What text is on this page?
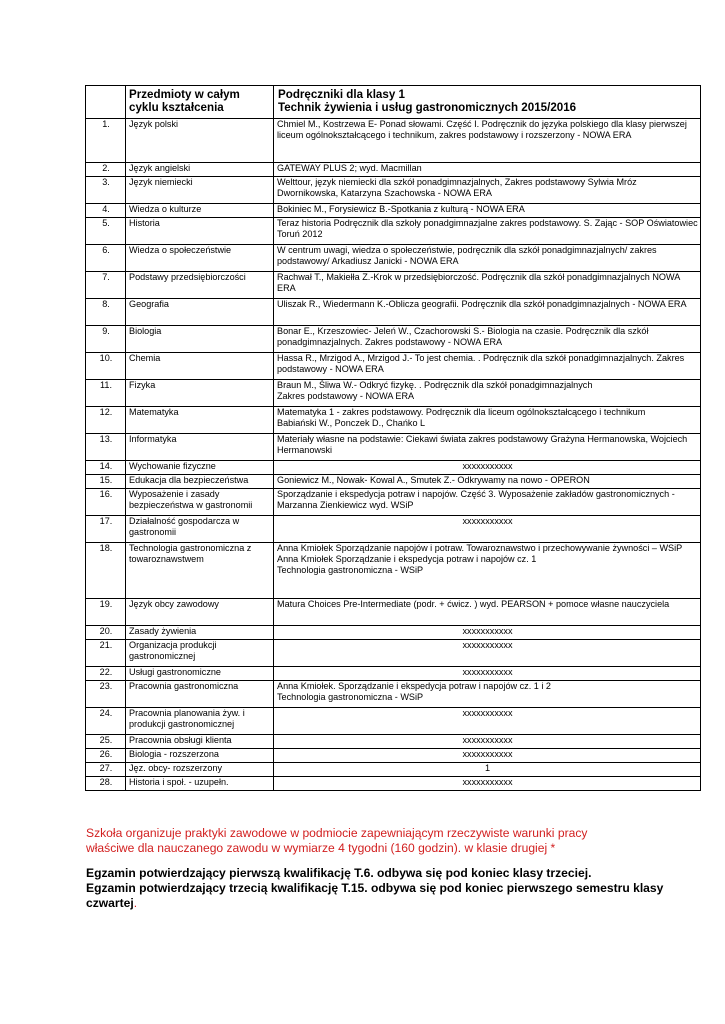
	Przedmioty w całym cyklu kształcenia	Podręczniki dla klasy 1
Technik żywienia i usług gastronomicznych 2015/2016
1.	Język polski	Chmiel M., Kostrzewa E- Ponad słowami. Część I. Podręcznik do języka polskiego dla klasy pierwszej liceum ogólnokształcącego i technikum, zakres podstawowy i rozszerzony - NOWA ERA
2.	Język angielski	GATEWAY PLUS 2; wyd. Macmillan
3.	Język niemiecki	Welttour, język niemiecki dla szkół ponadgimnazjalnych, Zakres podstawowy Sylwia Mróz Dwornikowska, Katarzyna Szachowska - NOWA ERA
4.	Wiedza o kulturze	Bokiniec M., Forysiewicz B.-Spotkania z kulturą - NOWA ERA
5.	Historia	Teraz historia Podręcznik dla szkoły ponadgimnazjalne zakres podstawowy. S. Zając - SOP Oświatowiec Toruń 2012
6.	Wiedza o społeczeństwie	W centrum uwagi, wiedza o społeczeństwie, podręcznik dla szkół ponadgimnazjalnych/ zakres podstawowy/ Arkadiusz Janicki - NOWA ERA
7.	Podstawy przedsiębiorczości	Rachwał T., Makiełła Z.-Krok w przedsiębiorczość. Podręcznik dla szkół ponadgimnazjalnych NOWA ERA
8.	Geografia	Uliszak R., Wiedermann K.-Oblicza geografii. Podręcznik dla szkół ponadgimnazjalnych - NOWA ERA
9.	Biologia	Bonar E., Krzeszowiec- Jeleń W., Czachorowski S.- Biologia na czasie. Podręcznik dla szkół ponadgimnazjalnych. Zakres podstawowy - NOWA ERA
10.	Chemia	Hassa R., Mrzigod A., Mrzigod J.- To jest chemia. . Podręcznik dla szkół ponadgimnazjalnych. Zakres podstawowy - NOWA ERA
11.	Fizyka	Braun M., Śliwa W.- Odkryć fizykę. . Podręcznik dla szkół ponadgimnazjalnych
Zakres podstawowy - NOWA ERA
12.	Matematyka	Matematyka 1 - zakres podstawowy. Podręcznik dla liceum ogólnokształcącego i technikum
Babiański W., Ponczek D., Chańko L
13.	Informatyka	Materiały własne na podstawie: Ciekawi świata zakres podstawowy Grażyna Hermanowska, Wojciech Hermanowski
14.	Wychowanie fizyczne	xxxxxxxxxxx
15.	Edukacja dla bezpieczeństwa	Goniewicz M., Nowak- Kowal A., Smutek Z.- Odkrywamy na nowo - OPERON
16.	Wyposażenie i zasady bezpieczeństwa w gastronomii	Sporządzanie i ekspedycja potraw i napojów. Część 3. Wyposażenie zakładów gastronomicznych - Marzanna Zienkiewicz wyd. WSiP
17.	Działalność gospodarcza w gastronomii	xxxxxxxxxxx
18.	Technologia gastronomiczna z towaroznawstwem	Anna Kmiołek Sporządzanie napojów i potraw. Towaroznawstwo i przechowywanie żywności – WSiP
Anna Kmiołek Sporządzanie i ekspedycja potraw i napojów cz. 1
Technologia gastronomiczna - WSiP
19.	Język obcy zawodowy	Matura Choices Pre-Intermediate (podr. + ćwicz. ) wyd. PEARSON + pomoce własne nauczyciela
20.	Zasady żywienia	xxxxxxxxxxx
21.	Organizacja produkcji gastronomicznej	xxxxxxxxxxx
22.	Usługi gastronomiczne	xxxxxxxxxxx
23.	Pracownia gastronomiczna	Anna Kmiołek. Sporządzanie i ekspedycja potraw i napojów cz. 1 i 2
Technologia gastronomiczna - WSiP
24.	Pracownia planowania żyw. i produkcji gastronomicznej	xxxxxxxxxxx
25.	Pracownia obsługi klienta	xxxxxxxxxxx
26.	Biologia - rozszerzona	xxxxxxxxxxx
27.	Jęz. obcy- rozszerzony	1
28.	Historia i społ. - uzupełn.	xxxxxxxxxxx
Szkoła organizuje praktyki zawodowe w podmiocie zapewniającym rzeczywiste warunki pracy właściwe dla nauczanego zawodu w wymiarze 4 tygodni (160 godzin). w klasie drugiej *
Egzamin potwierdzający pierwszą kwalifikację T.6. odbywa się pod koniec klasy trzeciej.
Egzamin potwierdzający trzecią kwalifikację T.15. odbywa się pod koniec pierwszego semestru klasy czwartej.
